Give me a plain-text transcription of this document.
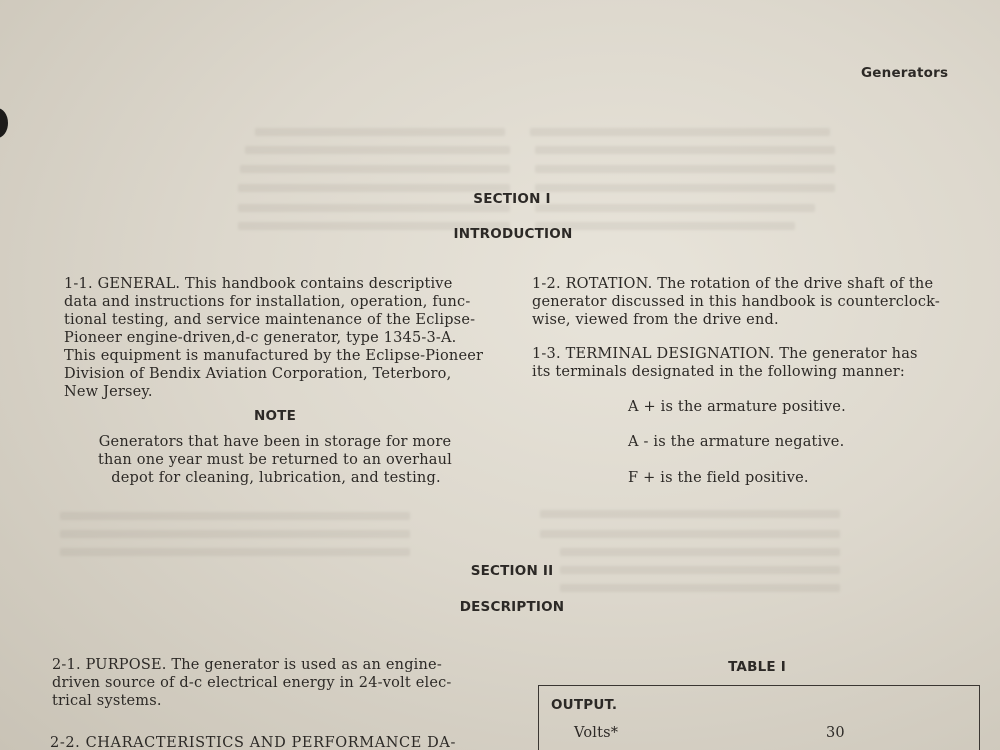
Generators
SECTION I
INTRODUCTION
1-1. GENERAL. This handbook contains descriptive
data and instructions for installation, operation, func-
tional testing, and service maintenance of the Eclipse-
Pioneer engine-driven,d-c generator, type 1345-3-A.
This equipment is manufactured by the Eclipse-Pioneer
Division of Bendix Aviation Corporation, Teterboro,
New Jersey.
NOTE
Generators that have been in storage for more
than one year must be returned to an overhaul
depot for cleaning, lubrication, and testing.
1-2. ROTATION. The rotation of the drive shaft of the
generator discussed in this handbook is counterclock-
wise, viewed from the drive end.
1-3. TERMINAL DESIGNATION. The generator has
its terminals designated in the following manner:
A + is the armature positive.
A - is the armature negative.
F + is the field positive.
SECTION II
DESCRIPTION
2-1. PURPOSE. The generator is used as an engine-
driven source of d-c electrical energy in 24-volt elec-
trical systems.
2-2. CHARACTERISTICS AND PERFORMANCE DA-
TABLE I
OUTPUT.
Volts*	30
